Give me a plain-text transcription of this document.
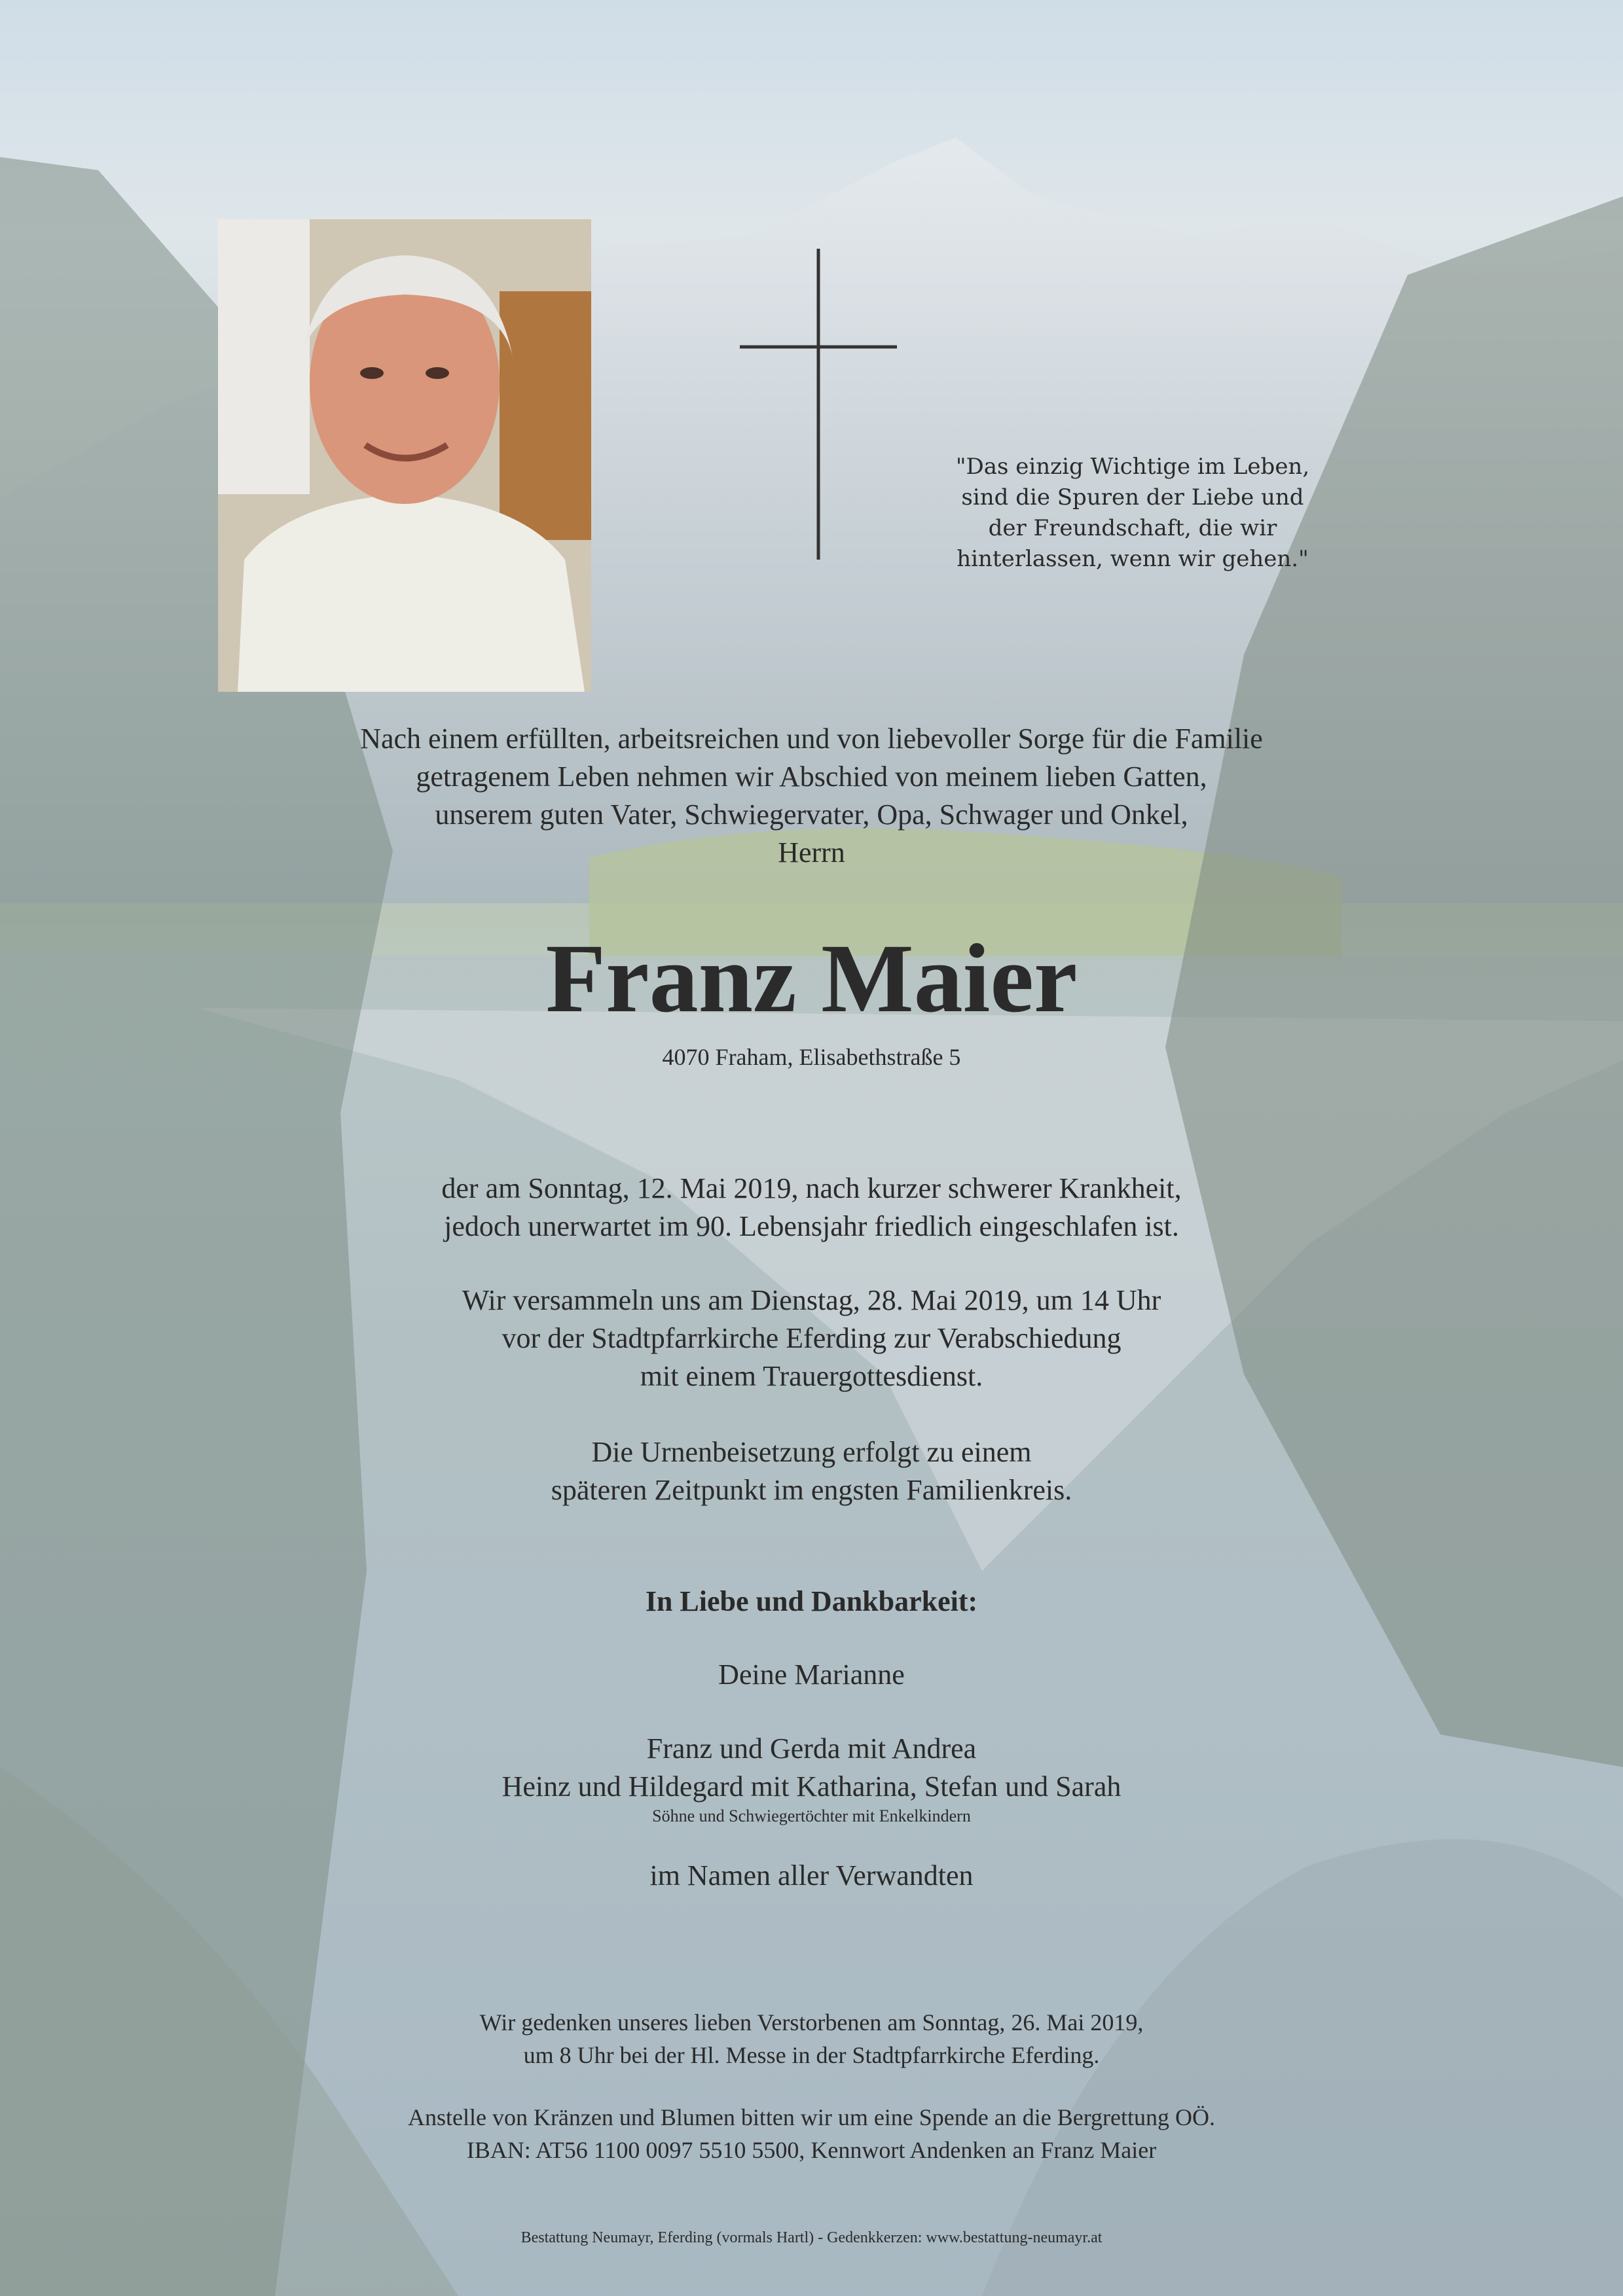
"Das einzig Wichtige im Leben,
sind die Spuren der Liebe und
der Freundschaft, die wir
hinterlassen, wenn wir gehen."
Nach einem erfüllten, arbeitsreichen und von liebevoller Sorge für die Familie
getragenem Leben nehmen wir Abschied von meinem lieben Gatten,
unserem guten Vater, Schwiegervater, Opa, Schwager und Onkel,
Herrn
Franz Maier
4070 Fraham, Elisabethstraße 5
der am Sonntag, 12. Mai 2019, nach kurzer schwerer Krankheit,
jedoch unerwartet im 90. Lebensjahr friedlich eingeschlafen ist.
Wir versammeln uns am Dienstag, 28. Mai 2019, um 14 Uhr
vor der Stadtpfarrkirche Eferding zur Verabschiedung
mit einem Trauergottesdienst.
Die Urnenbeisetzung erfolgt zu einem
späteren Zeitpunkt im engsten Familienkreis.
In Liebe und Dankbarkeit:
Deine Marianne
Franz und Gerda mit Andrea
Heinz und Hildegard mit Katharina, Stefan und Sarah
Söhne und Schwiegertöchter mit Enkelkindern
im Namen aller Verwandten
Wir gedenken unseres lieben Verstorbenen am Sonntag, 26. Mai 2019,
um 8 Uhr bei der Hl. Messe in der Stadtpfarrkirche Eferding.
Anstelle von Kränzen und Blumen bitten wir um eine Spende an die Bergrettung OÖ.
IBAN: AT56 1100 0097 5510 5500, Kennwort Andenken an Franz Maier
Bestattung Neumayr, Eferding (vormals Hartl) - Gedenkkerzen: www.bestattung-neumayr.at
